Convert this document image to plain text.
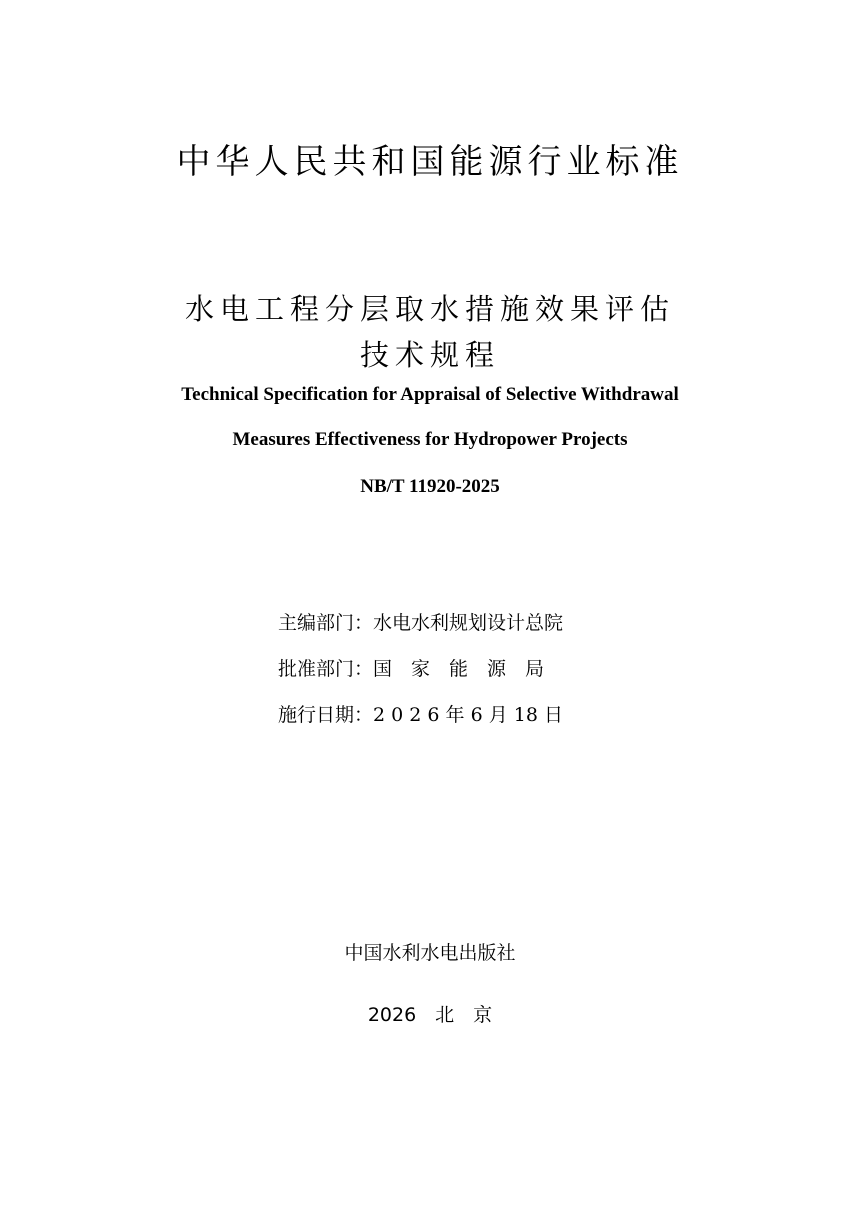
中华人民共和国能源行业标准
水电工程分层取水措施效果评估
技术规程
Technical Specification for Appraisal of Selective Withdrawal
Measures Effectiveness for Hydropower Projects
NB/T 11920-2025
主编部门：水电水利规划设计总院
批准部门：国　家　能　源　局
施行日期：2 0 2 6 年 6 月 18 日
中国水利水电出版社
2026　北　京
